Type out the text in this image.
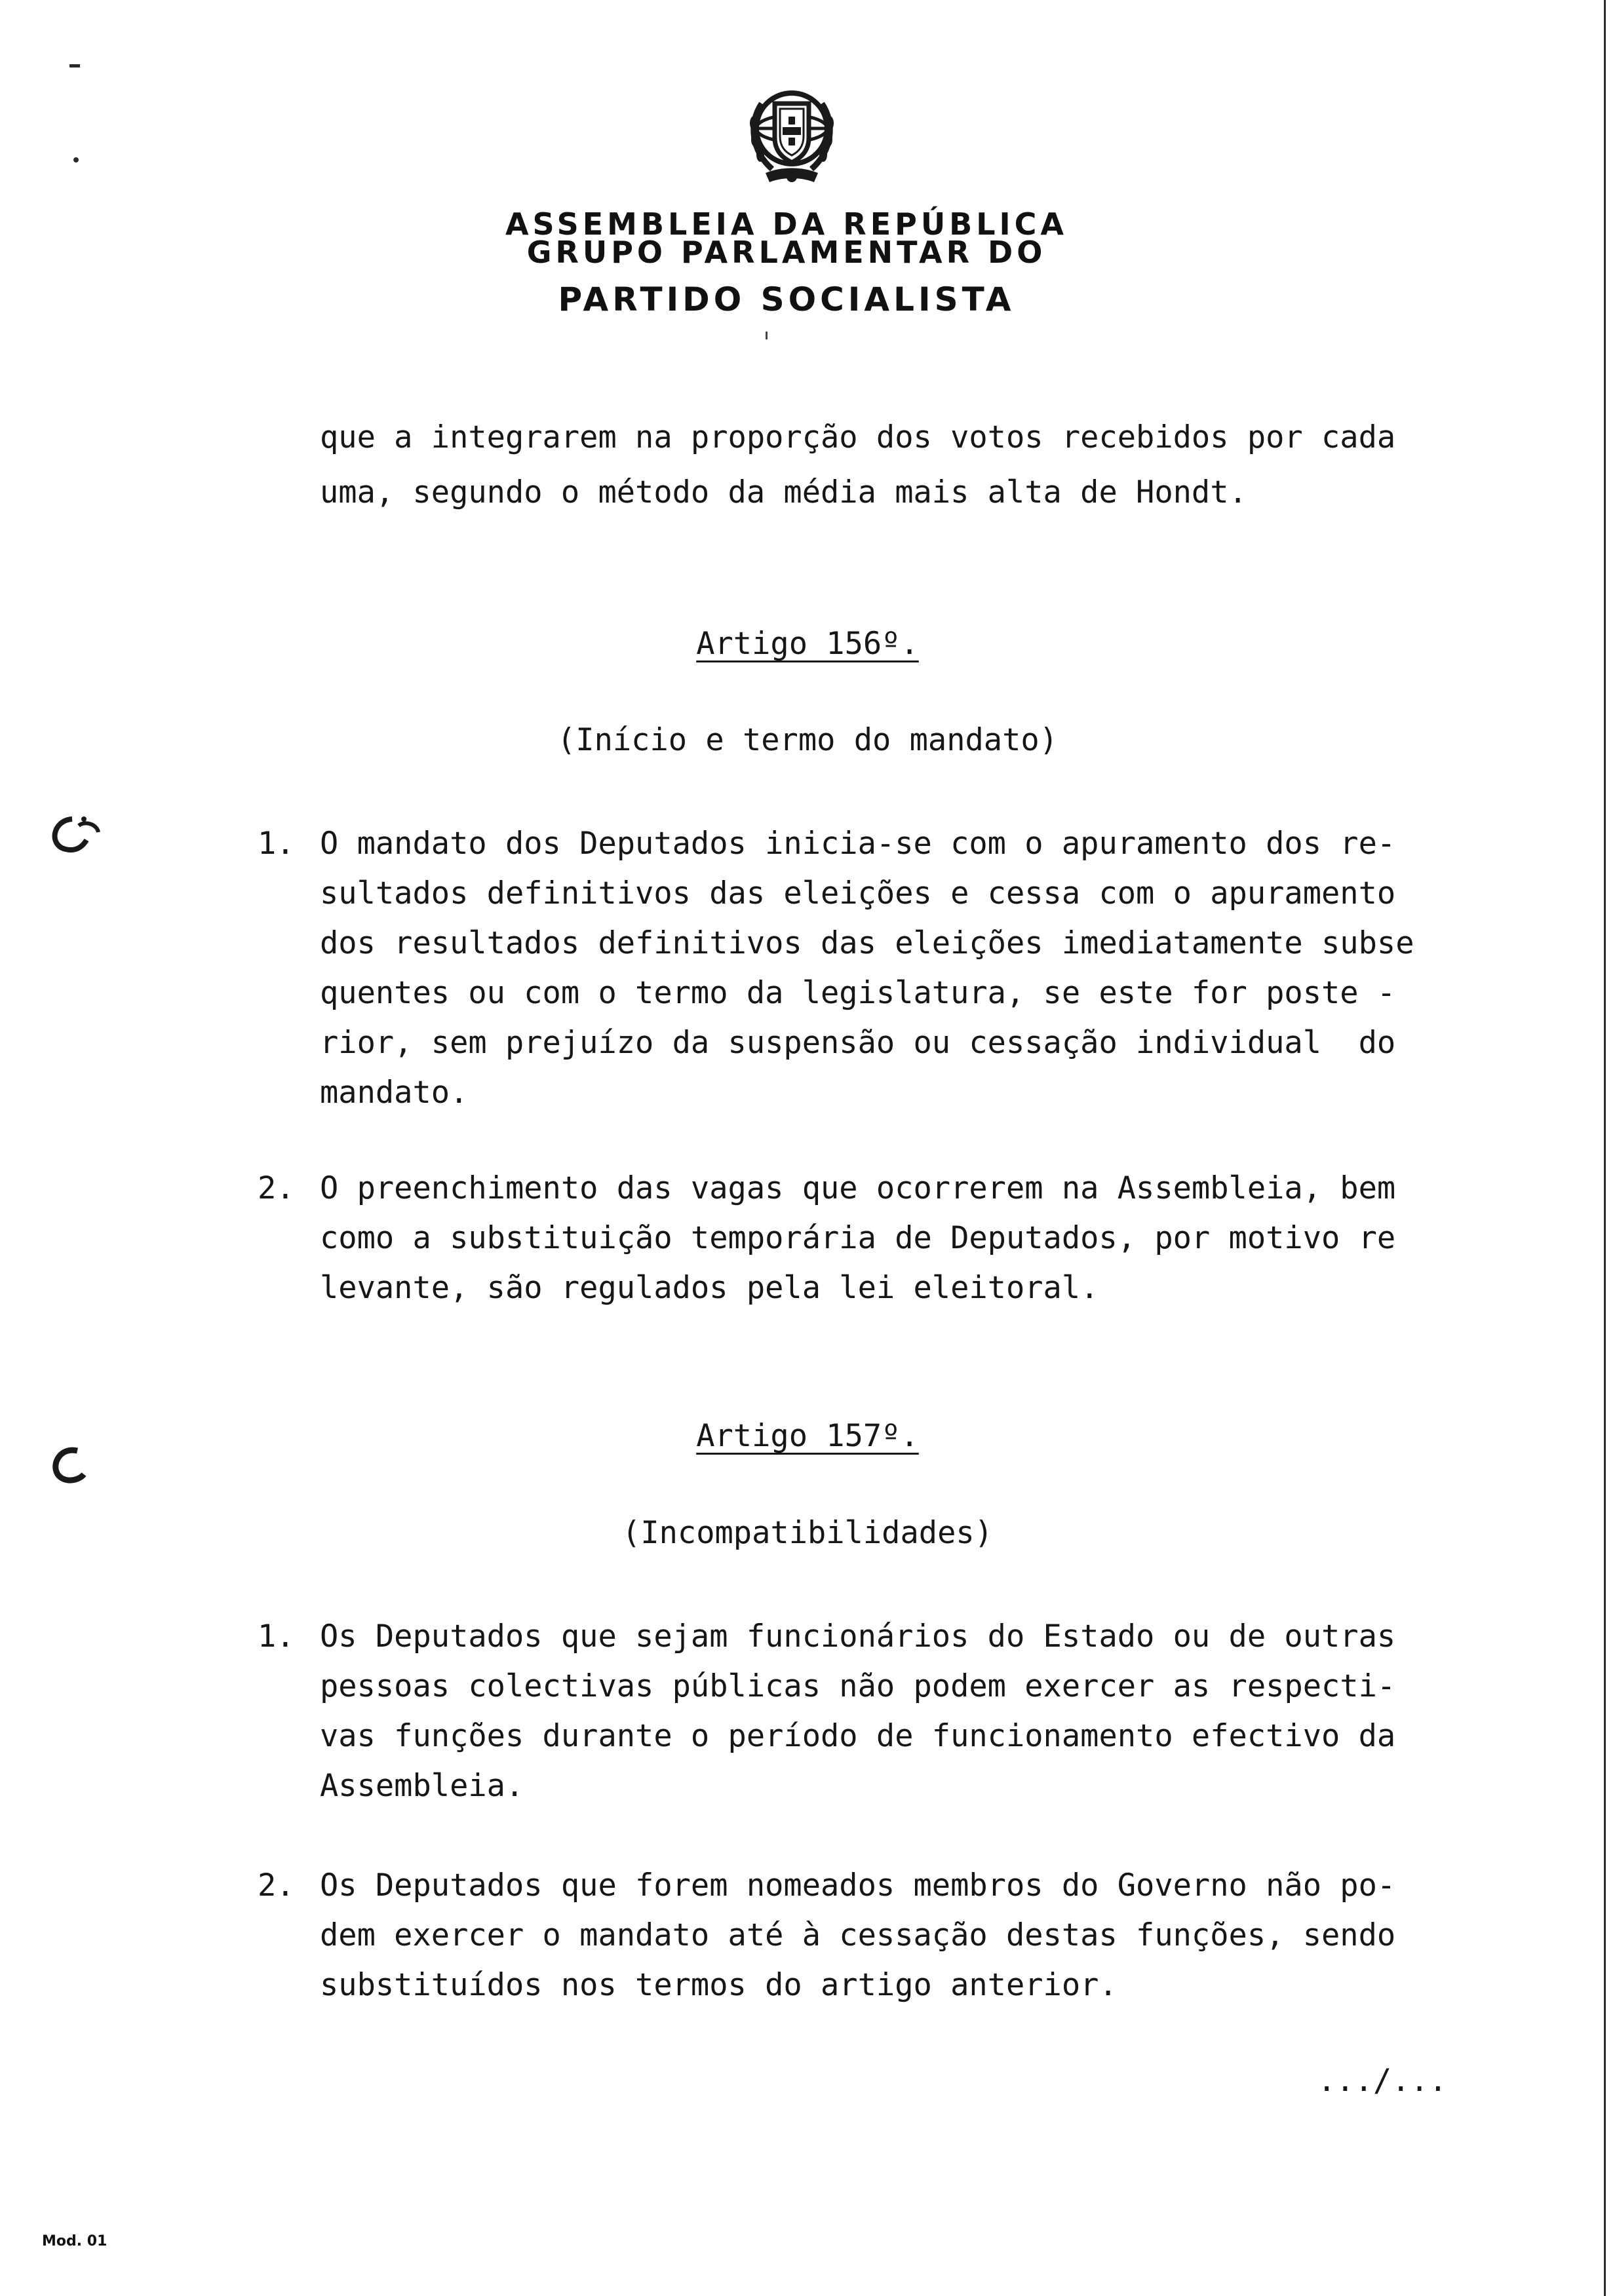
ASSEMBLEIA DA REPÚBLICA
GRUPO PARLAMENTAR DO
PARTIDO SOCIALISTA
que a integrarem na proporção dos votos recebidos por cada
uma, segundo o método da média mais alta de Hondt.
Artigo 156º.
(Início e termo do mandato)
1. O mandato dos Deputados inicia-se com o apuramento dos re-
sultados definitivos das eleições e cessa com o apuramento
dos resultados definitivos das eleições imediatamente subse
quentes ou com o termo da legislatura, se este for poste -
rior, sem prejuízo da suspensão ou cessação individual  do
mandato.
2. O preenchimento das vagas que ocorrerem na Assembleia, bem
como a substituição temporária de Deputados, por motivo re
levante, são regulados pela lei eleitoral.
Artigo 157º.
(Incompatibilidades)
1. Os Deputados que sejam funcionários do Estado ou de outras
pessoas colectivas públicas não podem exercer as respecti-
vas funções durante o período de funcionamento efectivo da
Assembleia.
2. Os Deputados que forem nomeados membros do Governo não po-
dem exercer o mandato até à cessação destas funções, sendo
substituídos nos termos do artigo anterior.
.../...
Mod. 01
